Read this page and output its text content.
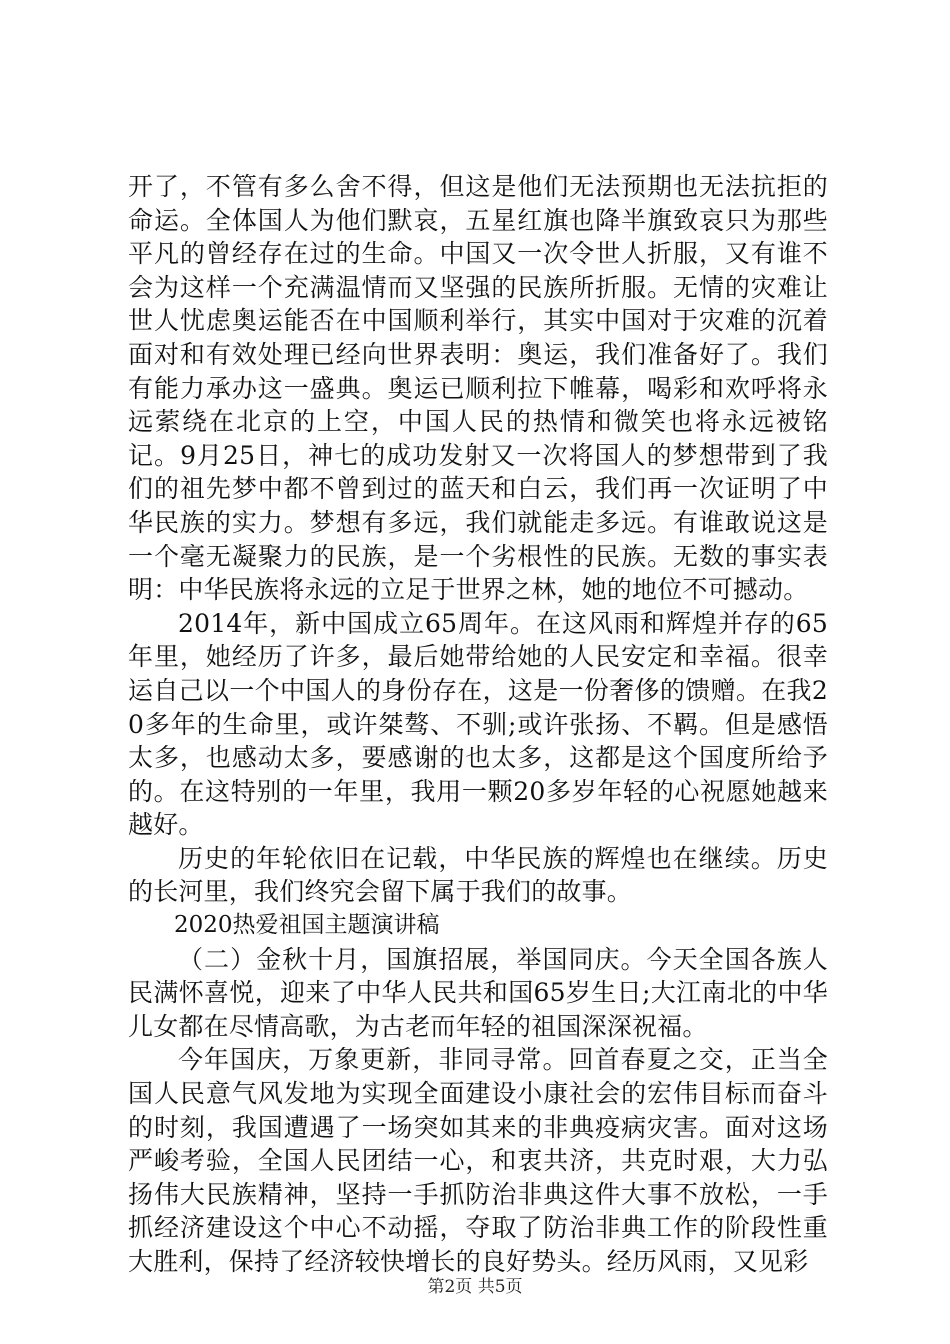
开了，不管有多么舍不得，但这是他们无法预期也无法抗拒的命运。全体国人为他们默哀，五星红旗也降半旗致哀只为那些平凡的曾经存在过的生命。中国又一次令世人折服，又有谁不会为这样一个充满温情而又坚强的民族所折服。无情的灾难让世人忧虑奥运能否在中国顺利举行，其实中国对于灾难的沉着面对和有效处理已经向世界表明：奥运，我们准备好了。我们有能力承办这一盛典。奥运已顺利拉下帷幕，喝彩和欢呼将永远萦绕在北京的上空，中国人民的热情和微笑也将永远被铭记。9月25日，神七的成功发射又一次将国人的梦想带到了我们的祖先梦中都不曾到过的蓝天和白云，我们再一次证明了中华民族的实力。梦想有多远，我们就能走多远。有谁敢说这是一个毫无凝聚力的民族，是一个劣根性的民族。无数的事实表明：中华民族将永远的立足于世界之林，她的地位不可撼动。

2014年，新中国成立65周年。在这风雨和辉煌并存的65年里，她经历了许多，最后她带给她的人民安定和幸福。很幸运自己以一个中国人的身份存在，这是一份奢侈的馈赠。在我20多年的生命里，或许桀骜、不驯;或许张扬、不羁。但是感悟太多，也感动太多，要感谢的也太多，这都是这个国度所给予的。在这特别的一年里，我用一颗20多岁年轻的心祝愿她越来越好。

历史的年轮依旧在记载，中华民族的辉煌也在继续。历史的长河里，我们终究会留下属于我们的故事。

2020热爱祖国主题演讲稿

（二）金秋十月，国旗招展，举国同庆。今天全国各族人民满怀喜悦，迎来了中华人民共和国65岁生日;大江南北的中华儿女都在尽情高歌，为古老而年轻的祖国深深祝福。

今年国庆，万象更新，非同寻常。回首春夏之交，正当全国人民意气风发地为实现全面建设小康社会的宏伟目标而奋斗的时刻，我国遭遇了一场突如其来的非典疫病灾害。面对这场严峻考验，全国人民团结一心，和衷共济，共克时艰，大力弘扬伟大民族精神，坚持一手抓防治非典这件大事不放松，一手抓经济建设这个中心不动摇，夺取了防治非典工作的阶段性重大胜利，保持了经济较快增长的良好势头。经历风雨，又见彩

第2页 共5页
